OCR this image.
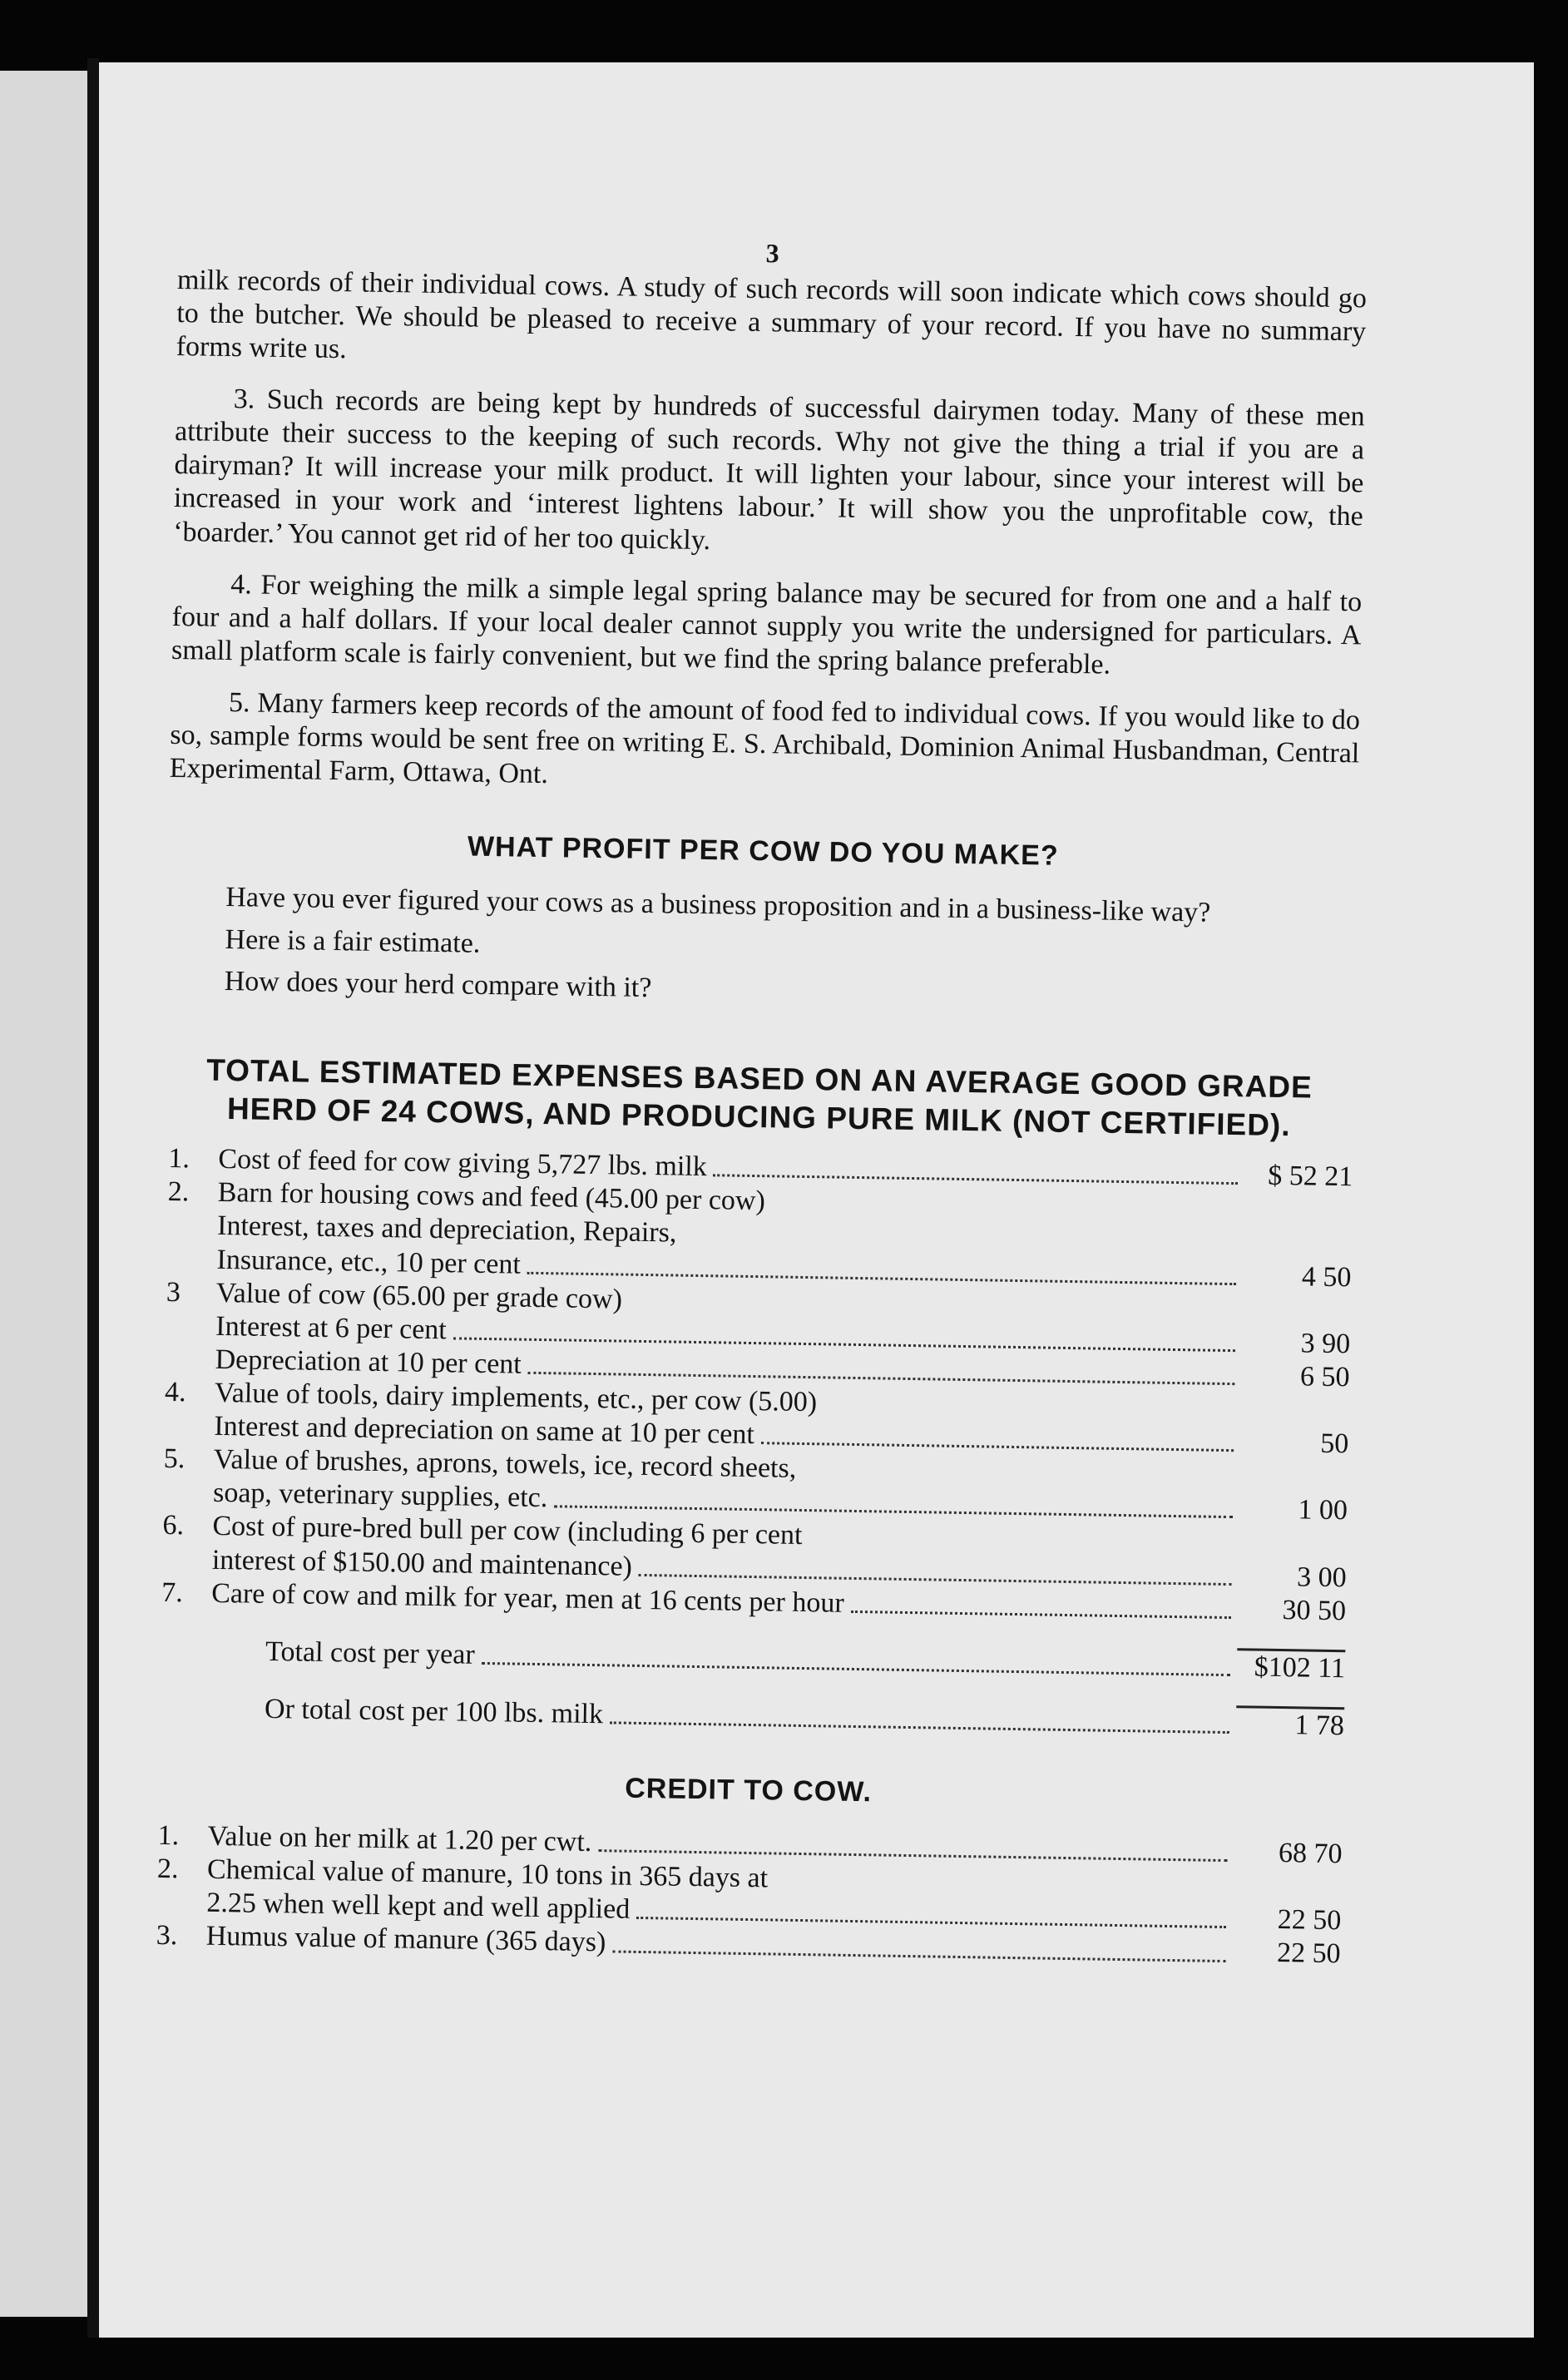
3

milk records of their individual cows. A study of such records will soon indicate which cows should go to the butcher. We should be pleased to receive a summary of your record. If you have no summary forms write us.

3. Such records are being kept by hundreds of successful dairymen today. Many of these men attribute their success to the keeping of such records. Why not give the thing a trial if you are a dairyman? It will increase your milk product. It will lighten your labour, since your interest will be increased in your work and ‘interest lightens labour.’ It will show you the unprofitable cow, the ‘boarder.’ You cannot get rid of her too quickly.

4. For weighing the milk a simple legal spring balance may be secured for from one and a half to four and a half dollars. If your local dealer cannot supply you write the undersigned for particulars. A small platform scale is fairly convenient, but we find the spring balance preferable.

5. Many farmers keep records of the amount of food fed to individual cows. If you would like to do so, sample forms would be sent free on writing E. S. Archibald, Dominion Animal Husbandman, Central Experimental Farm, Ottawa, Ont.

WHAT PROFIT PER COW DO YOU MAKE?

Have you ever figured your cows as a business proposition and in a business-like way?

Here is a fair estimate.

How does your herd compare with it?

TOTAL ESTIMATED EXPENSES BASED ON AN AVERAGE GOOD GRADE HERD OF 24 COWS, AND PRODUCING PURE MILK (NOT CERTIFIED).
1. Cost of feed for cow giving 5,727 lbs. milk	$ 52 21
2. Barn for housing cows and feed (45.00 per cow)
Interest, taxes and depreciation, Repairs,
Insurance, etc., 10 per cent	4 50
3	Value of cow (65.00 per grade cow)
Interest at 6 per cent	3 90
Depreciation at 10 per cent	6 50
4. Value of tools, dairy implements, etc., per cow (5.00)
Interest and depreciation on same at 10 per cent	50
5. Value of brushes, aprons, towels, ice, record sheets,
soap, veterinary supplies, etc.	1 00
6. Cost of pure-bred bull per cow (including 6 per cent
interest of $150.00 and maintenance)	3 00
7. Care of cow and milk for year, men at 16 cents per hour	30 50
Total cost per year	$102 11
Or total cost per 100 lbs. milk	1 78
CREDIT TO COW.
1. Value on her milk at 1.20 per cwt.	68 70
2. Chemical value of manure, 10 tons in 365 days at
2.25 when well kept and well applied	22 50
3. Humus value of manure (365 days)	22 50
